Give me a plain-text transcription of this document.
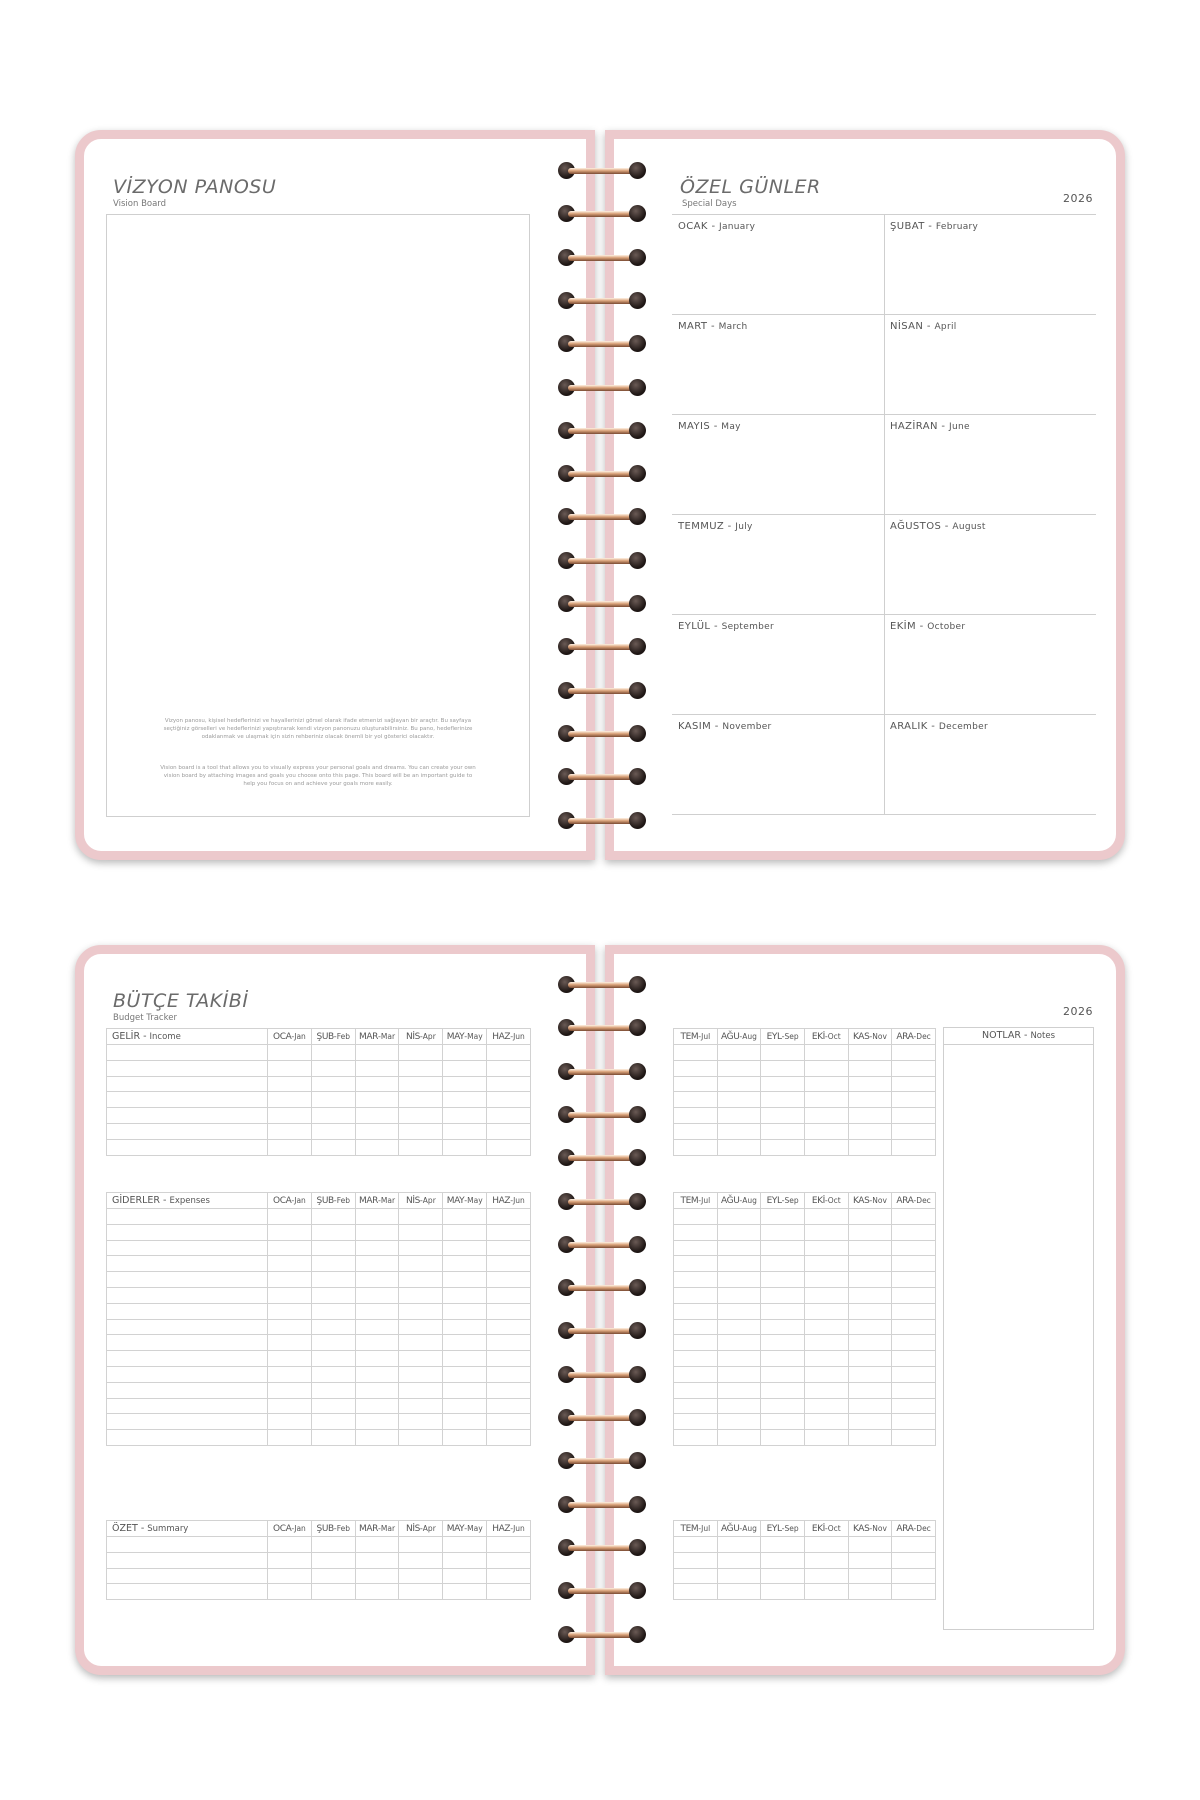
VİZYON PANOSU
Vision Board
Vizyon panosu, kişisel hedeflerinizi ve hayallerinizi görsel olarak ifade etmenizi sağlayan bir araçtır. Bu sayfaya seçtiğiniz görselleri ve hedeflerinizi yapıştırarak kendi vizyon panonuzu oluşturabilirsiniz. Bu pano, hedeflerinize odaklanmak ve ulaşmak için sizin rehberiniz olacak önemli bir yol gösterici olacaktır.
Vision board is a tool that allows you to visually express your personal goals and dreams. You can create your own vision board by attaching images and goals you choose onto this page. This board will be an important guide to help you focus on and achieve your goals more easily.
ÖZEL GÜNLER
Special Days	2026
OCAK - January	ŞUBAT - February
MART - March	NİSAN - April
MAYIS - May	HAZİRAN - June
TEMMUZ - July	AĞUSTOS - August
EYLÜL - September	EKİM - October
KASIM - November	ARALIK - December
BÜTÇE TAKİBİ
Budget Tracker	2026
GELİR - Income	OCA-Jan	ŞUB-Feb	MAR-Mar	NİS-Apr	MAY-May	HAZ-Jun

							TEM-Jul	AĞU-Aug	EYL-Sep	EKİ-Oct	KAS-Nov	ARA-Dec

GİDERLER - Expenses	OCA-Jan	ŞUB-Feb	MAR-Mar	NİS-Apr	MAY-May	HAZ-Jun

							TEM-Jul	AĞU-Aug	EYL-Sep	EKİ-Oct	KAS-Nov	ARA-Dec

ÖZET - Summary	OCA-Jan	ŞUB-Feb	MAR-Mar	NİS-Apr	MAY-May	HAZ-Jun

							TEM-Jul	AĞU-Aug	EYL-Sep	EKİ-Oct	KAS-Nov	ARA-Dec

NOTLAR - Notes
